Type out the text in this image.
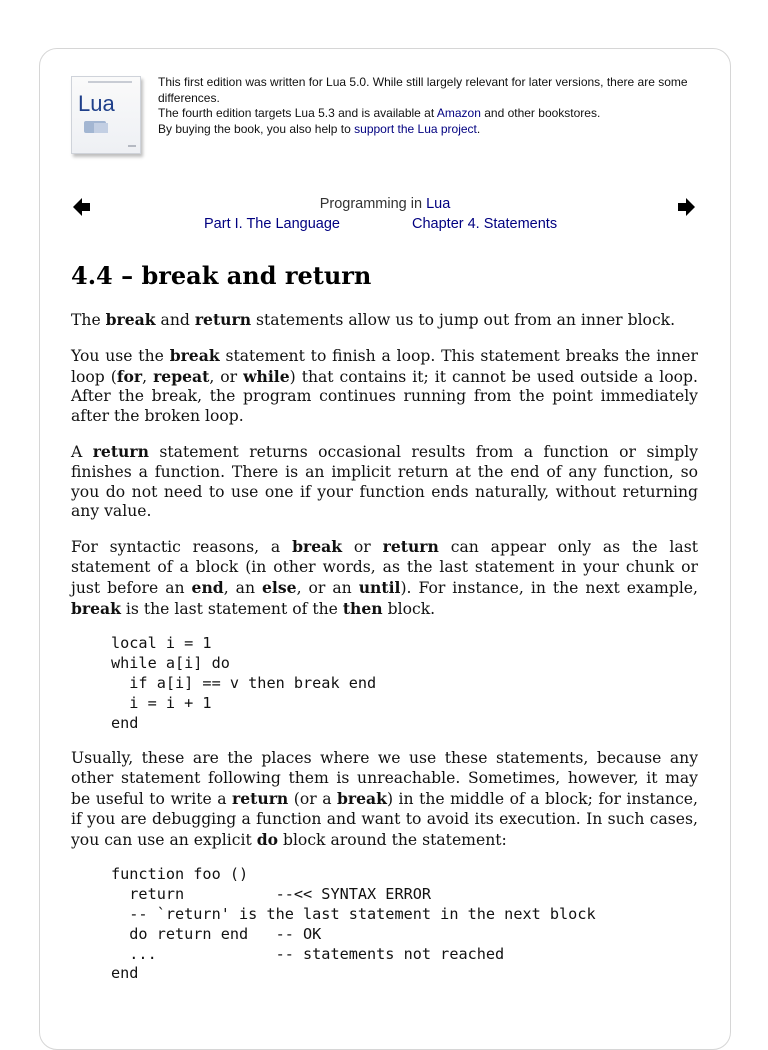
Lua
This first edition was written for Lua 5.0. While still largely relevant for later versions, there are some differences.
The fourth edition targets Lua 5.3 and is available at Amazon and other bookstores.
By buying the book, you also help to support the Lua project.
Programming in Lua
Part I. The Language	Chapter 4. Statements
4.4 – break and return

The break and return statements allow us to jump out from an inner block.

You use the break statement to finish a loop. This statement breaks the inner loop (for, repeat, or while) that contains it; it cannot be used outside a loop. After the break, the program continues running from the point immediately after the broken loop.

A return statement returns occasional results from a function or simply finishes a function. There is an implicit return at the end of any function, so you do not need to use one if your function ends naturally, without returning any value.

For syntactic reasons, a break or return can appear only as the last statement of a block (in other words, as the last statement in your chunk or just before an end, an else, or an until). For instance, in the next example, break is the last statement of the then block.

local i = 1
while a[i] do
if a[i] == v then break end
i = i + 1
end

Usually, these are the places where we use these statements, because any other statement following them is unreachable. Sometimes, however, it may be useful to write a return (or a break) in the middle of a block; for instance, if you are debugging a function and want to avoid its execution. In such cases, you can use an explicit do block around the statement:

function foo ()
return          --<< SYNTAX ERROR
-- `return' is the last statement in the next block
do return end   -- OK
...             -- statements not reached
end
